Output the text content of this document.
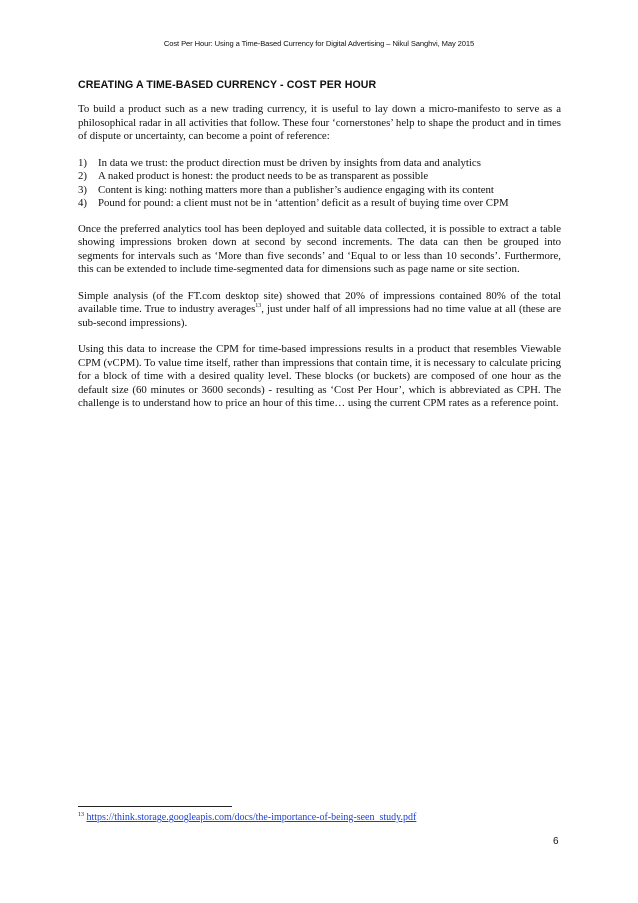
Cost Per Hour: Using a Time-Based Currency for Digital Advertising – Nikul Sanghvi, May 2015
CREATING A TIME-BASED CURRENCY - COST PER HOUR

To build a product such as a new trading currency, it is useful to lay down a micro-manifesto to serve as a philosophical radar in all activities that follow. These four ‘cornerstones’ help to shape the product and in times of dispute or uncertainty, can become a point of reference:

1)	In data we trust: the product direction must be driven by insights from data and analytics
2)	A naked product is honest: the product needs to be as transparent as possible
3)	Content is king: nothing matters more than a publisher’s audience engaging with its content
4)	Pound for pound: a client must not be in ‘attention’ deficit as a result of buying time over CPM

Once the preferred analytics tool has been deployed and suitable data collected, it is possible to extract a table showing impressions broken down at second by second increments. The data can then be grouped into segments for intervals such as ‘More than five seconds’ and ‘Equal to or less than 10 seconds’. Furthermore, this can be extended to include time-segmented data for dimensions such as page name or site section.

Simple analysis (of the FT.com desktop site) showed that 20% of impressions contained 80% of the total available time. True to industry averages$^{13}$, just under half of all impressions had no time value at all (these are sub-second impressions).

Using this data to increase the CPM for time-based impressions results in a product that resembles Viewable CPM (vCPM). To value time itself, rather than impressions that contain time, it is necessary to calculate pricing for a block of time with a desired quality level. These blocks (or buckets) are composed of one hour as the default size (60 minutes or 3600 seconds) - resulting as ‘Cost Per Hour’, which is abbreviated as CPH. The challenge is to understand how to price an hour of this time… using the current CPM rates as a reference point.

$^{13}$ https://think.storage.googleapis.com/docs/the-importance-of-being-seen_study.pdf
6
